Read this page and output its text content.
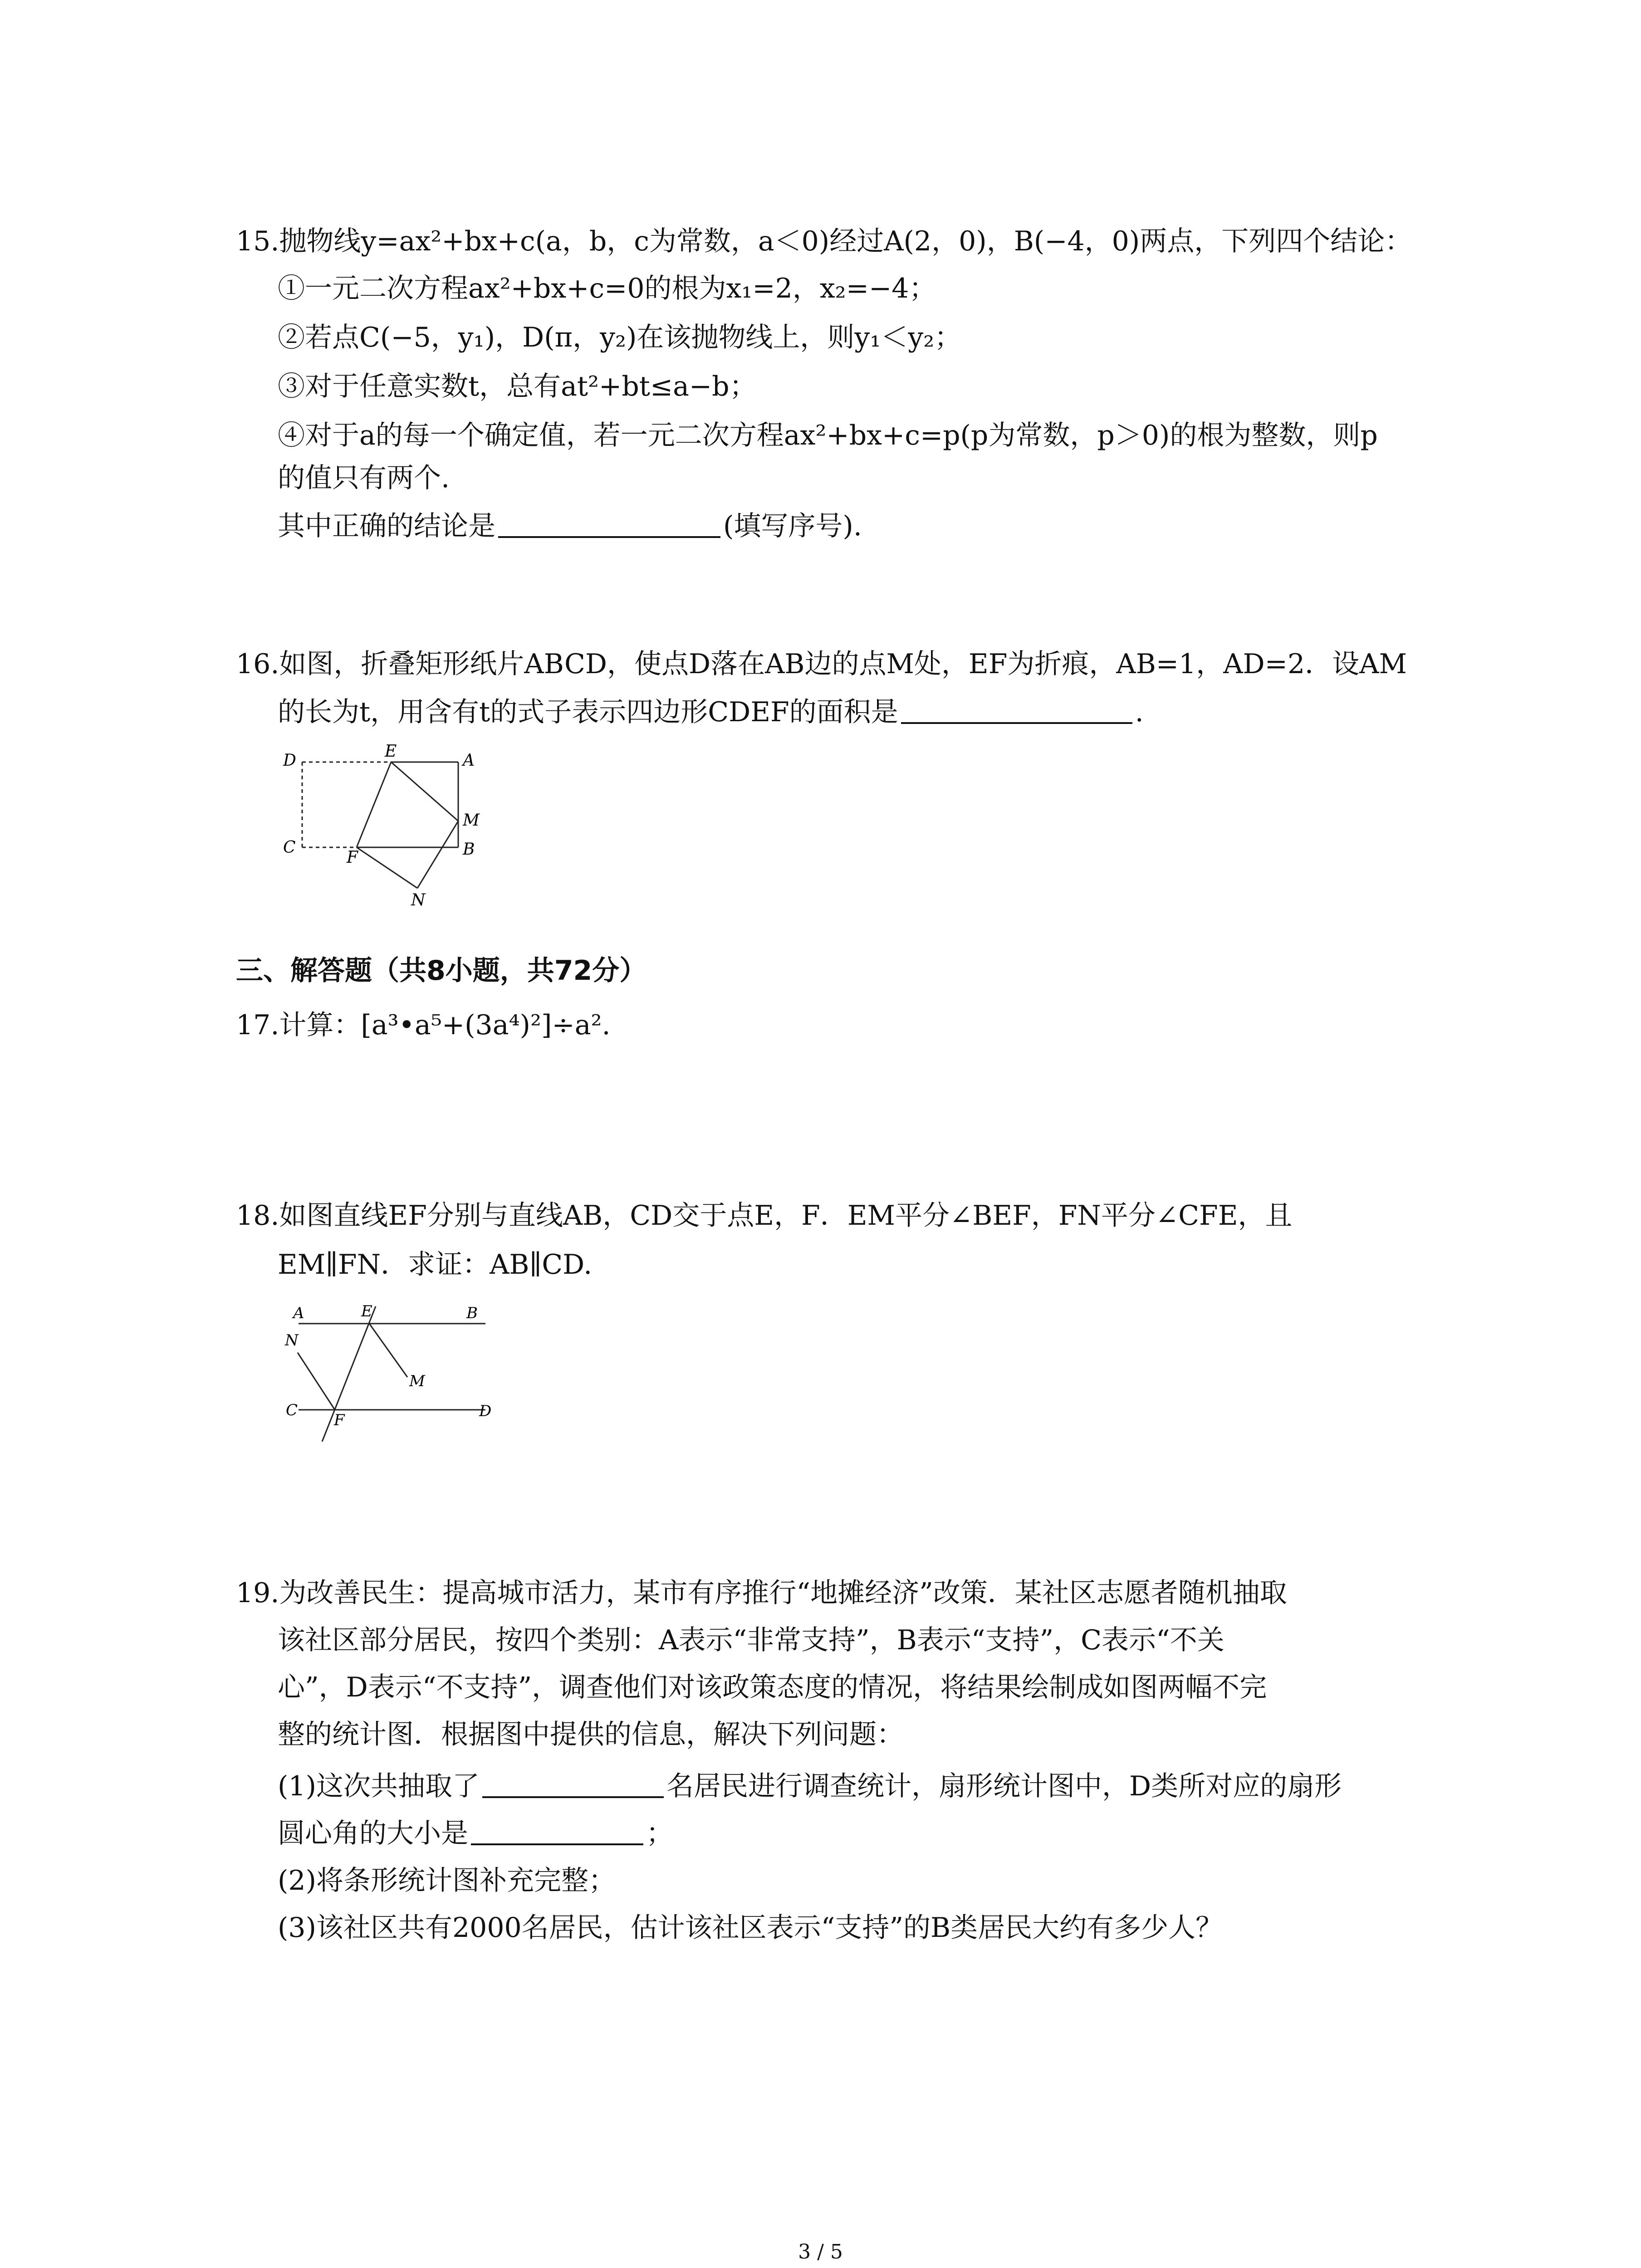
15.抛物线y=ax²+bx+c(a，b，c为常数，a＜0)经过A(2，0)，B(−4，0)两点，下列四个结论：
①一元二次方程ax²+bx+c=0的根为x₁=2，x₂=−4；
②若点C(−5，y₁)，D(π，y₂)在该抛物线上，则y₁＜y₂；
③对于任意实数t，总有at²+bt≤a−b；
④对于a的每一个确定值，若一元二次方程ax²+bx+c=p(p为常数，p＞0)的根为整数，则p
的值只有两个.
其中正确的结论是	(填写序号).
16.如图，折叠矩形纸片ABCD，使点D落在AB边的点M处，EF为折痕，AB=1，AD=2．设AM
的长为t，用含有t的式子表示四边形CDEF的面积是	.
D	E	A
M
C
F	B
N
三、解答题（共8小题，共72分）
17.计算：[a³•a⁵+(3a⁴)²]÷a².
18.如图直线EF分别与直线AB，CD交于点E，F．EM平分∠BEF，FN平分∠CFE，且
EM∥FN．求证：AB∥CD.
A	E	B
N
M
C
F	D
19.为改善民生：提高城市活力，某市有序推行“地摊经济”改策．某社区志愿者随机抽取
该社区部分居民，按四个类别：A表示“非常支持”，B表示“支持”，C表示“不关
心”，D表示“不支持”，调查他们对该政策态度的情况，将结果绘制成如图两幅不完
整的统计图．根据图中提供的信息，解决下列问题：
(1)这次共抽取了	名居民进行调查统计，扇形统计图中，D类所对应的扇形
圆心角的大小是	；
(2)将条形统计图补充完整；
(3)该社区共有2000名居民，估计该社区表示“支持”的B类居民大约有多少人？
3 / 5
